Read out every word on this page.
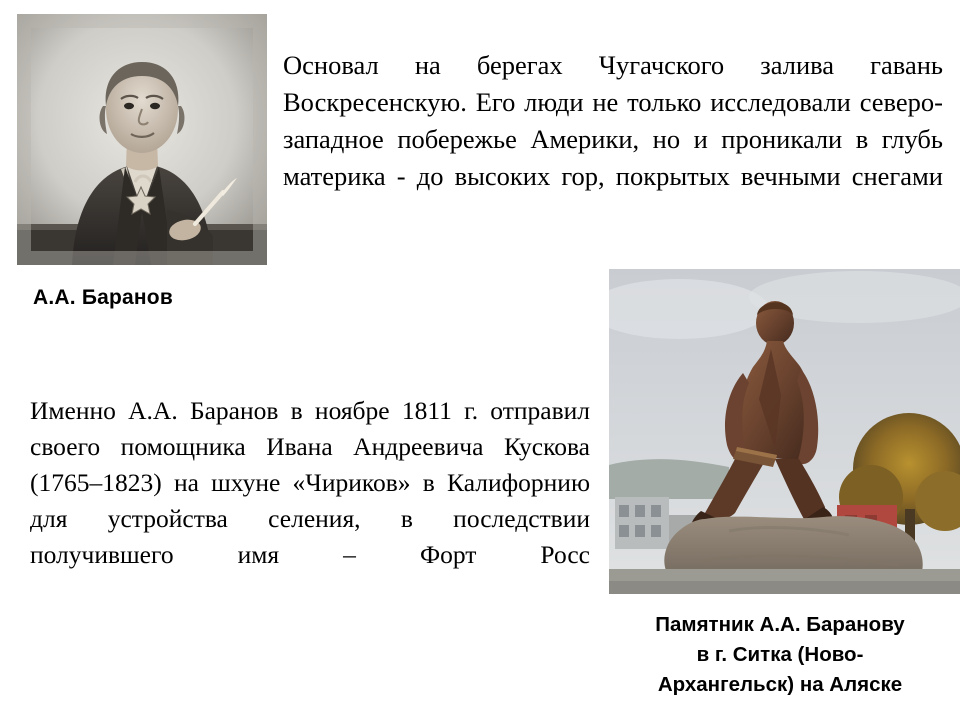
А.А. Баранов
Основал на берегах Чугачского залива гавань Воскресенскую. Его люди не только исследовали северо-западное побережье Америки, но и проникали в глубь материка - до высоких гор, покрытых вечными снегами
Именно А.А. Баранов в ноябре 1811 г. отправил своего помощника Ивана Андреевича Кускова (1765–1823) на шхуне «Чириков» в Калифорнию для устройства селения, в последствии получившего имя – Форт Росс
Памятник А.А. Баранову
в г. Ситка (Ново-
Архангельск) на Аляске
